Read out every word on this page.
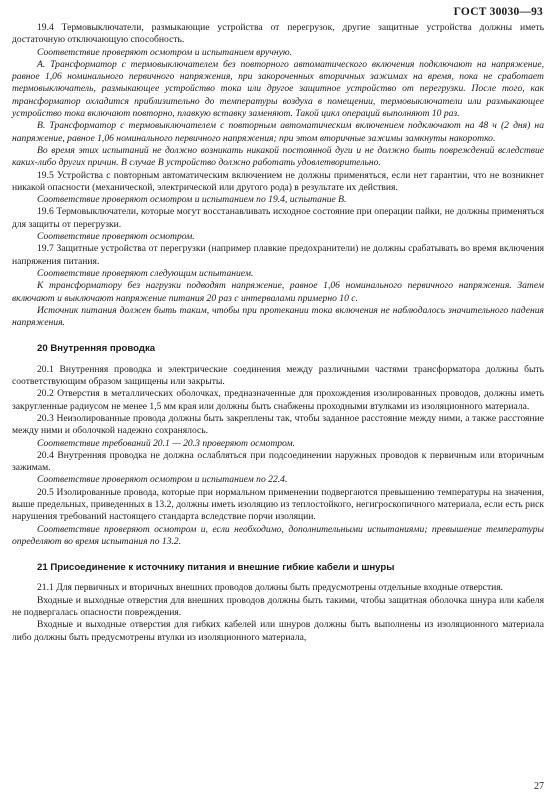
ГОСТ 30030—93

19.4 Термовыключатели, размыкающие устройства от перегрузок, другие защитные устройства должны иметь достаточную отключающую способность.

Соответствие проверяют осмотром и испытанием вручную.

А. Трансформатор с термовыключателем без повторного автоматического включения подключают на напряжение, равное 1,06 номинального первичного напряжения, при закороченных вторичных зажимах на время, пока не сработает термовыключатель, размыкающее устройство тока или другое защитное устройство от перегрузки. После того, как трансформатор охладится приблизительно до температуры воздуха в помещении, термовыключатели или размыкающее устройство тока включают повторно, плавкую вставку заменяют. Такой цикл операций выполняют 10 раз.

В. Трансформатор с термовыключателем с повторным автоматическим включением подключают на 48 ч (2 дня) на напряжение, равное 1,06 номинального первичного напряжения; при этом вторичные зажимы замкнуты накоротко.

Во время этих испытаний не должно возникать никакой постоянной дуги и не должно быть повреждений вследствие каких-либо других причин. В случае В устройство должно работать удовлетворительно.

19.5 Устройства с повторным автоматическим включением не должны применяться, если нет гарантии, что не возникнет никакой опасности (механической, электрической или другого рода) в результате их действия.

Соответствие проверяют осмотром и испытанием по 19.4, испытание В.

19.6 Термовыключатели, которые могут восстанавливать исходное состояние при операции пайки, не должны применяться для защиты от перегрузки.

Соответствие проверяют осмотром.

19.7 Защитные устройства от перегрузки (например плавкие предохранители) не должны срабатывать во время включения напряжения питания.

Соответствие проверяют следующим испытанием.

К трансформатору без нагрузки подводят напряжение, равное 1,06 номинального первичного напряжения. Затем включают и выключают напряжение питания 20 раз с интервалами примерно 10 с.

Источник питания должен быть таким, чтобы при протекании тока включения не наблюдалось значительного падения напряжения.

20 Внутренняя проводка

20.1 Внутренняя проводка и электрические соединения между различными частями трансформатора должны быть соответствующим образом защищены или закрыты.

20.2 Отверстия в металлических оболочках, предназначенные для прохождения изолированных проводов, должны иметь закругленные радиусом не менее 1,5 мм края или должны быть снабжены проходными втулками из изоляционного материала.

20.3 Неизолированные провода должны быть закреплены так, чтобы заданное расстояние между ними, а также расстояние между ними и оболочкой надежно сохранялось.

Соответствие требований 20.1 — 20.3 проверяют осмотром.

20.4 Внутренняя проводка не должна ослабляться при подсоединении наружных проводов к первичным или вторичным зажимам.

Соответствие проверяют осмотром и испытанием по 22.4.

20.5 Изолированные провода, которые при нормальном применении подвергаются превышению температуры на значения, выше предельных, приведенных в 13.2, должны иметь изоляцию из теплостойкого, негигроскопичного материала, если есть риск нарушения требований настоящего стандарта вследствие порчи изоляции.

Соответствие проверяют осмотром и, если необходимо, дополнительными испытаниями; превышение температуры определяют во время испытания по 13.2.

21 Присоединение к источнику питания и внешние гибкие кабели и шнуры

21.1 Для первичных и вторичных внешних проводов должны быть предусмотрены отдельные входные отверстия.

Входные и выходные отверстия для внешних проводов должны быть такими, чтобы защитная оболочка шнура или кабеля не подвергалась опасности повреждения.

Входные и выходные отверстия для гибких кабелей или шнуров должны быть выполнены из изоляционного материала либо должны быть предусмотрены втулки из изоляционного материала,

27
